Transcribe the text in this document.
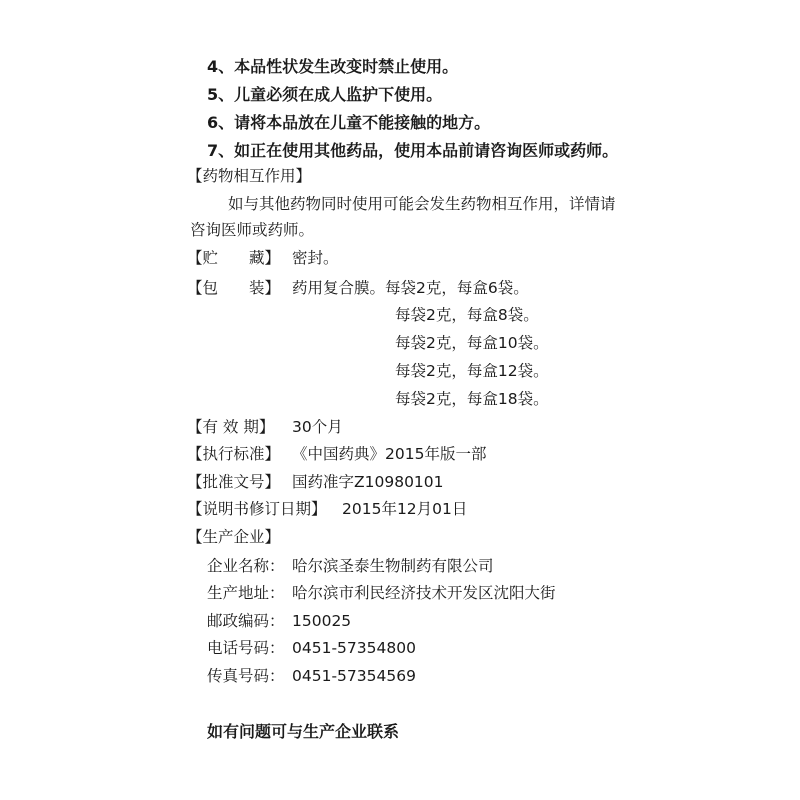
4、本品性状发生改变时禁止使用。
5、儿童必须在成人监护下使用。
6、请将本品放在儿童不能接触的地方。
7、如正在使用其他药品，使用本品前请咨询医师或药师。
【药物相互作用】
如与其他药物同时使用可能会发生药物相互作用，详情请
咨询医师或药师。
【贮　　藏】 密封。
【包　　装】 药用复合膜。每袋2克，每盒6袋。
每袋2克，每盒8袋。
每袋2克，每盒10袋。
每袋2克，每盒12袋。
每袋2克，每盒18袋。
【有 效 期】 30个月
【执行标准】 《中国药典》2015年版一部
【批准文号】 国药准字Z10980101
【说明书修订日期】 2015年12月01日
【生产企业】
企业名称： 哈尔滨圣泰生物制药有限公司
生产地址： 哈尔滨市利民经济技术开发区沈阳大街
邮政编码： 150025
电话号码： 0451-57354800
传真号码： 0451-57354569
如有问题可与生产企业联系
